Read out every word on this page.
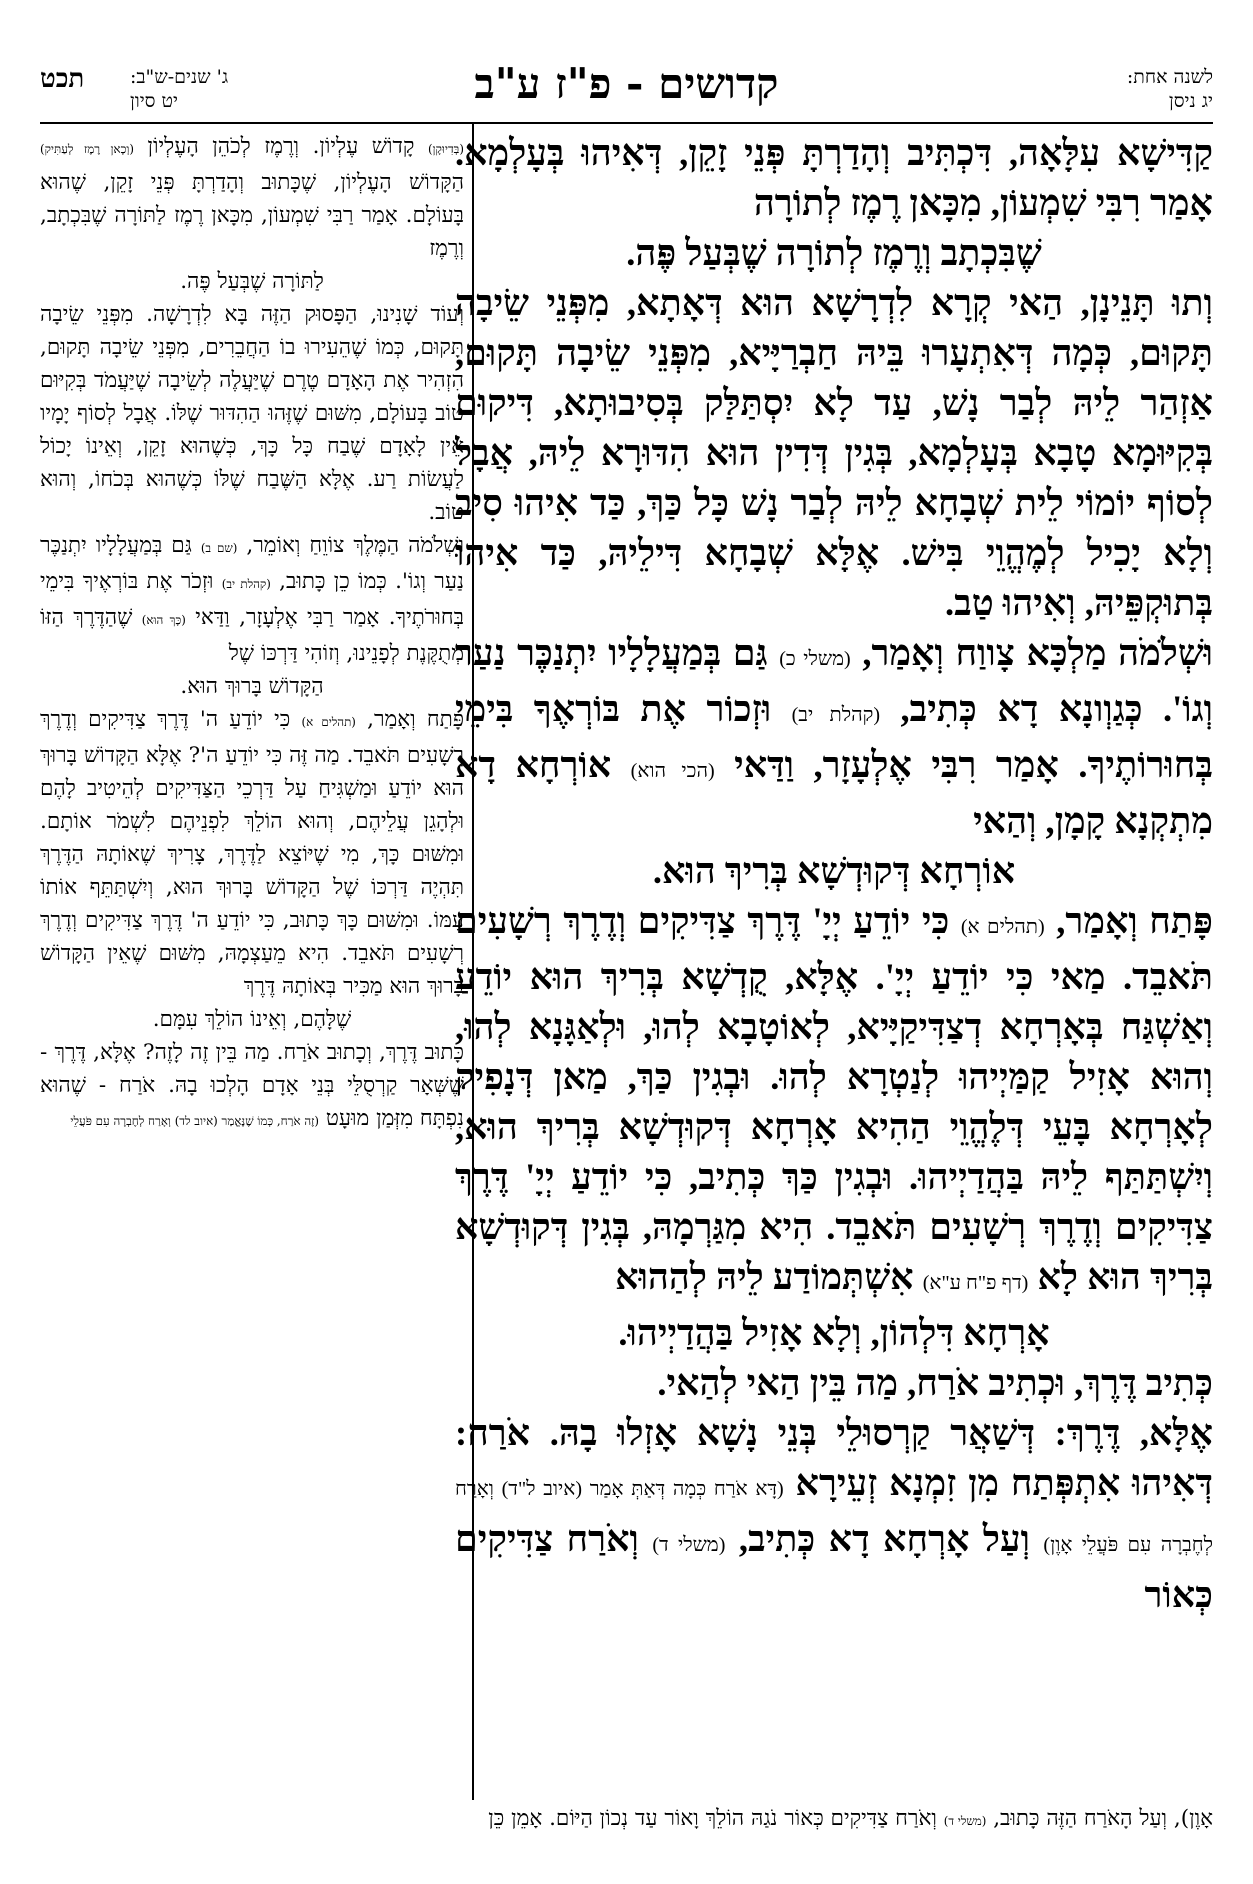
לשנה אחת:
יג ניסן
קדושים - פ"ז ע"ב
ג' שנים-ש"ב:
יט סיון
תכט

קַדִּישָׁא עִלָּאָה, דִּכְתִּיב וְהָדַרְתָּ פְּנֵי זָקֵן, דְּאִיהוּ בְּעָלְמָא. אָמַר רִבִּי שִׁמְעוֹן, מִכָּאן רֶמֶז לְתוֹרָה

שֶׁבִּכְתָב וְרֶמֶז לְתוֹרָה שֶׁבְּעַל פֶּה.

וְתוּ תָּנֵינָן, הַאי קְרָא לִדְרָשָׁא הוּא דְּאָתָא, מִפְּנֵי שֵׂיבָה תָּקוּם, כְּמָה דְּאִתְעָרוּ בֵּיהּ חַבְרַיָּיא, מִפְּנֵי שֵׂיבָה תָּקוּם, אַזְהַר לֵיהּ לְבַר נָשׁ, עַד לָא יִסְתַּלַּק בְּסִיבוּתָא, דִּיקוּם בְּקִיּוּמָא טָבָא בְּעָלְמָא, בְּגִין דְּדִין הוּא הִדּוּרָא לֵיהּ, אֲבָל לְסוֹף יוֹמוֹי לֵית שְׁבָחָא לֵיהּ לְבַר נָשׁ כָּל כַּךְ, כַּד אִיהוּ סִיב וְלָא יָכִיל לְמֶהֱוֵי בִּישׁ. אֶלָּא שְׁבָחָא דִּילֵיהּ, כַּד אִיהוּ בְּתוּקְפֵּיהּ, וְאִיהוּ טַב.

וּשְׁלֹמֹה מַלְכָּא צָווַח וְאָמַר, (משלי כ) גַּם בְּמַעֲלָלָיו יִתְנַכֶּר נַעַר וְגוֹ'. כְּגַוְונָא דָא כְּתִיב, (קהלת יב) וּזְכוֹר אֶת בּוֹרְאֶךָ בִּימֵי בְּחוּרוֹתֶיךָ. אָמַר רִבִּי אֶלְעָזָר, וַדַּאי (הכי הוא) אוֹרְחָא דָא מִתְקְנָא קָמָן, וְהַאי

אוֹרְחָא דְּקוּדְשָׁא בְּרִיךְ הוּא.

פָּתַח וְאָמַר, (תהלים א) כִּי יוֹדֵעַ יְיָ' דֶּרֶךְ צַדִּיקִים וְדֶרֶךְ רְשָׁעִים תֹּאבֵד. מַאי כִּי יוֹדֵעַ יְיָ'. אֶלָּא, קֻדְשָׁא בְּרִיךְ הוּא יוֹדֵעַ וְאַשְׁגַּח בְּאָרְחָא דְצַדִּיקַיָּיא, לְאוֹטָבָא לְהוּ, וּלְאַגָּנָא לְהוּ, וְהוּא אָזִיל קַמַּיְיהוּ לְנַטְרָא לְהוּ. וּבְגִין כַּךְ, מַאן דְּנָפִיק לְאָרְחָא בָּעֵי דְּלֶהֱוֵי הַהִיא אָרְחָא דְּקוּדְשָׁא בְּרִיךְ הוּא, וְיִשְׁתַּתַּף לֵיהּ בַּהֲדַיְיהוּ. וּבְגִין כַּךְ כְּתִיב, כִּי יוֹדֵעַ יְיָ' דֶּרֶךְ צַדִּיקִים וְדֶרֶךְ רְשָׁעִים תֹּאבֵד. הִיא מִגַּרְמָהּ, בְּגִין דְּקוּדְשָׁא בְּרִיךְ הוּא לָא (דף פ"ח ע"א) אִשְׁתְּמוֹדַע לֵיהּ לְהַהוּא

אָרְחָא דִּלְהוֹן, וְלָא אָזִיל בַּהֲדַיְיהוּ.

כְּתִיב דֶּרֶךְ, וּכְתִיב אֹרַח, מַה בֵּין הַאי לְהַאי.

אֶלָּא, דֶּרֶךְ: דְּשַׁאֲר קַרְסוּלֵי בְּנֵי נָשָׁא אָזְלוּ בָהּ. אֹרַח: דְּאִיהוּ אִתְפְּתַח מִן זִמְנָא זְעֵירָא (דָּא אֹרַח כְּמָה דְּאַתְּ אָמַר (איוב ל"ד) וְאָרַח לְחֶבְרָה עִם פֹּעֲלֵי אָוֶן) וְעַל אָרְחָא דָא כְּתִיב, (משלי ד) וְאֹרַח צַדִּיקִים כְּאוֹר

(בְּדִיוּקָן) קָדוֹשׁ עֶלְיוֹן. וְרֶמֶז לְכֹהֵן הָעֶלְיוֹן (וְכָאן רֶמֶז לְעַתִּיק) הַקָּדוֹשׁ הָעֶלְיוֹן, שֶׁכָּתוּב וְהָדַרְתָּ פְּנֵי זָקֵן, שֶׁהוּא בָּעוֹלָם. אָמַר רַבִּי שִׁמְעוֹן, מִכָּאן רֶמֶז לַתּוֹרָה שֶׁבִּכְתָב, וְרֶמֶז

לַתּוֹרָה שֶׁבְּעַל פֶּה.

וְעוֹד שָׁנִינוּ, הַפָּסוּק הַזֶּה בָּא לִדְרָשָׁה. מִפְּנֵי שֵׂיבָה תָּקוּם, כְּמוֹ שֶׁהֵעִירוּ בוֹ הַחֲבֵרִים, מִפְּנֵי שֵׂיבָה תָּקוּם, הִזְהִיר אֶת הָאָדָם טֶרֶם שֶׁיַּעֲלֶה לְשֵׂיבָה שֶׁיַּעֲמֹד בְּקִיּוּם טוֹב בָּעוֹלָם, מִשּׁוּם שֶׁזֶּהוּ הַהִדּוּר שֶׁלּוֹ. אֲבָל לְסוֹף יָמָיו אֵין לָאָדָם שֶׁבַח כָּל כָּךְ, כְּשֶׁהוּא זָקֵן, וְאֵינוֹ יָכוֹל לַעֲשׂוֹת רַע. אֶלָּא הַשֶּׁבַח שֶׁלּוֹ כְּשֶׁהוּא בְּכֹחוֹ, וְהוּא טוֹב.

וּשְׁלֹמֹה הַמֶּלֶךְ צוֹוֵחַ וְאוֹמֵר, (שם ב) גַּם בְּמַעֲלָלָיו יִתְנַכֶּר נַעַר וְגוֹ'. כְּמוֹ כֵן כָּתוּב, (קהלת יב) וּזְכֹר אֶת בּוֹרְאֶיךָ בִּימֵי בְּחוּרֹתֶיךָ. אָמַר רַבִּי אֶלְעָזָר, וַדַּאי (כָּךְ הוּא) שֶׁהַדֶּרֶךְ הַזּוֹ מְתֻקֶּנֶת לְפָנֵינוּ, וְזוֹהִי דַּרְכּוֹ שֶׁל

הַקָּדוֹשׁ בָּרוּךְ הוּא.

פָּתַח וְאָמַר, (תהלים א) כִּי יוֹדֵעַ ה' דֶּרֶךְ צַדִּיקִים וְדֶרֶךְ רְשָׁעִים תֹּאבֵד. מַה זֶּה כִּי יוֹדֵעַ ה'? אֶלָּא הַקָּדוֹשׁ בָּרוּךְ הוּא יוֹדֵעַ וּמַשְׁגִּיחַ עַל דַּרְכֵי הַצַּדִּיקִים לְהֵיטִיב לָהֶם וּלְהָגֵן עֲלֵיהֶם, וְהוּא הוֹלֵךְ לִפְנֵיהֶם לִשְׁמֹר אוֹתָם. וּמִשּׁוּם כָּךְ, מִי שֶׁיּוֹצֵא לַדֶּרֶךְ, צָרִיךְ שֶׁאוֹתָהּ הַדֶּרֶךְ תִּהְיֶה דַּרְכּוֹ שֶׁל הַקָּדוֹשׁ בָּרוּךְ הוּא, וְיִשְׁתַּתֵּף אוֹתוֹ עִמּוֹ. וּמִשּׁוּם כָּךְ כָּתוּב, כִּי יוֹדֵעַ ה' דֶּרֶךְ צַדִּיקִים וְדֶרֶךְ רְשָׁעִים תֹּאבֵד. הִיא מֵעַצְמָהּ, מִשּׁוּם שֶׁאֵין הַקָּדוֹשׁ בָּרוּךְ הוּא מַכִּיר בְּאוֹתָהּ דֶּרֶךְ

שֶׁלָּהֶם, וְאֵינוֹ הוֹלֵךְ עִמָּם.

כָּתוּב דֶּרֶךְ, וְכָתוּב אֹרַח. מַה בֵּין זֶה לָזֶה? אֶלָּא, דֶּרֶךְ - שֶׁשְּׁאָר קַרְסֻלֵּי בְּנֵי אָדָם הָלְכוּ בָהּ. אֹרַח - שֶׁהוּא נִפְתָּח מִזְּמַן מוּעָט (זֶה אֹרַח, כְּמוֹ שֶׁנֶּאֱמַר (איוב לד) וְאָרַח לְחֶבְרָה עִם פֹּעֲלֵי

אָוֶן), וְעַל הָאֹרַח הַזֶּה כָּתוּב, (משלי ד) וְאֹרַח צַדִּיקִים כְּאוֹר נֹגַהּ הוֹלֵךְ וָאוֹר עַד נְכוֹן הַיּוֹם. אָמֵן כֵּן
